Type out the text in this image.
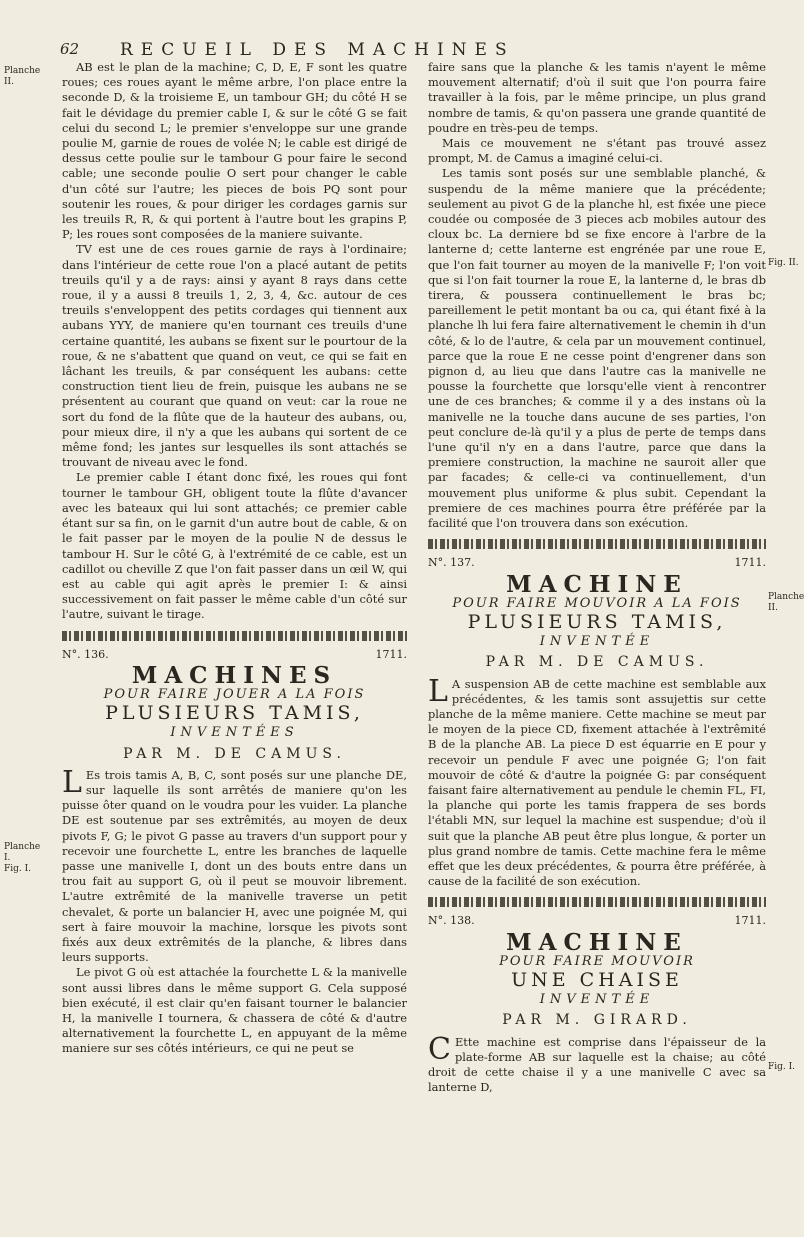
62 RECUEIL DES MACHINES
Planche
II.
Planche
I.
Fig. I.
Fig. II.
Planche
II.
Fig. I.

AB est le plan de la machine; C, D, E, F sont les quatre roues; ces roues ayant le même arbre, l'on place entre la seconde D, & la troisieme E, un tambour GH; du côté H se fait le dévidage du premier cable I, & sur le côté G se fait celui du second L; le premier s'enveloppe sur une grande poulie M, garnie de roues de volée N; le cable est dirigé de dessus cette poulie sur le tambour G pour faire le second cable; une seconde poulie O sert pour changer le cable d'un côté sur l'autre; les pieces de bois PQ sont pour soutenir les roues, & pour diriger les cordages garnis sur les treuils R, R, & qui portent à l'autre bout les grapins P, P; les roues sont composées de la maniere suivante.

TV est une de ces roues garnie de rays à l'ordinaire; dans l'intérieur de cette roue l'on a placé autant de petits treuils qu'il y a de rays: ainsi y ayant 8 rays dans cette roue, il y a aussi 8 treuils 1, 2, 3, 4, &c. autour de ces treuils s'enveloppent des petits cordages qui tiennent aux aubans YYY, de maniere qu'en tournant ces treuils d'une certaine quantité, les aubans se fixent sur le pourtour de la roue, & ne s'abattent que quand on veut, ce qui se fait en lâchant les treuils, & par conséquent les aubans: cette construction tient lieu de frein, puisque les aubans ne se présentent au courant que quand on veut: car la roue ne sort du fond de la flûte que de la hauteur des aubans, ou, pour mieux dire, il n'y a que les aubans qui sortent de ce même fond; les jantes sur lesquelles ils sont attachés se trouvant de niveau avec le fond.

Le premier cable I étant donc fixé, les roues qui font tourner le tambour GH, obligent toute la flûte d'avancer avec les bateaux qui lui sont attachés; ce premier cable étant sur sa fin, on le garnit d'un autre bout de cable, & on le fait passer par le moyen de la poulie N de dessus le tambour H. Sur le côté G, à l'extrémité de ce cable, est un cadillot ou cheville Z que l'on fait passer dans un œil W, qui est au cable qui agit après le premier I: & ainsi successivement on fait passer le même cable d'un côté sur l'autre, suivant le tirage.

N°. 136.	1711.
MACHINES
POUR FAIRE JOUER A LA FOIS
PLUSIEURS TAMIS,
INVENTÉES
PAR M. DE CAMUS.

L Es trois tamis A, B, C, sont posés sur une planche DE, sur laquelle ils sont arrêtés de maniere qu'on les puisse ôter quand on le voudra pour les vuider. La planche DE est soutenue par ses extrêmités, au moyen de deux pivots F, G; le pivot G passe au travers d'un support pour y recevoir une fourchette L, entre les branches de laquelle passe une manivelle I, dont un des bouts entre dans un trou fait au support G, où il peut se mouvoir librement. L'autre extrêmité de la manivelle traverse un petit chevalet, & porte un balancier H, avec une poignée M, qui sert à faire mouvoir la machine, lorsque les pivots sont fixés aux deux extrêmités de la planche, & libres dans leurs supports.

Le pivot G où est attachée la fourchette L & la manivelle sont aussi libres dans le même support G. Cela supposé bien exécuté, il est clair qu'en faisant tourner le balancier H, la manivelle I tournera, & chassera de côté & d'autre alternativement la fourchette L, en appuyant de la même maniere sur ses côtés intérieurs, ce qui ne peut se

faire sans que la planche & les tamis n'ayent le même mouvement alternatif; d'où il suit que l'on pourra faire travailler à la fois, par le même principe, un plus grand nombre de tamis, & qu'on passera une grande quantité de poudre en très-peu de temps.

Mais ce mouvement ne s'étant pas trouvé assez prompt, M. de Camus a imaginé celui-ci.

Les tamis sont posés sur une semblable planché, & suspendu de la même maniere que la précédente; seulement au pivot G de la planche hl, est fixée une piece coudée ou composée de 3 pieces acb mobiles autour des cloux bc. La derniere bd se fixe encore à l'arbre de la lanterne d; cette lanterne est engrénée par une roue E, que l'on fait tourner au moyen de la manivelle F; l'on voit que si l'on fait tourner la roue E, la lanterne d, le bras db tirera, & poussera continuellement le bras bc; pareillement le petit montant ba ou ca, qui étant fixé à la planche lh lui fera faire alternativement le chemin ih d'un côté, & lo de l'autre, & cela par un mouvement continuel, parce que la roue E ne cesse point d'engrener dans son pignon d, au lieu que dans l'autre cas la manivelle ne pousse la fourchette que lorsqu'elle vient à rencontrer une de ces branches; & comme il y a des instans où la manivelle ne la touche dans aucune de ses parties, l'on peut conclure de-là qu'il y a plus de perte de temps dans l'une qu'il n'y en a dans l'autre, parce que dans la premiere construction, la machine ne sauroit aller que par facades; & celle-ci va continuellement, d'un mouvement plus uniforme & plus subit. Cependant la premiere de ces machines pourra être préférée par la facilité que l'on trouvera dans son exécution.

N°. 137.	1711.
MACHINE
POUR FAIRE MOUVOIR A LA FOIS
PLUSIEURS TAMIS,
INVENTÉE
PAR M. DE CAMUS.

L A suspension AB de cette machine est semblable aux précédentes, & les tamis sont assujettis sur cette planche de la même maniere. Cette machine se meut par le moyen de la piece CD, fixement attachée à l'extrêmité B de la planche AB. La piece D est équarrie en E pour y recevoir un pendule F avec une poignée G; l'on fait mouvoir de côté & d'autre la poignée G: par conséquent faisant faire alternativement au pendule le chemin FL, FI, la planche qui porte les tamis frappera de ses bords l'établi MN, sur lequel la machine est suspendue; d'où il suit que la planche AB peut être plus longue, & porter un plus grand nombre de tamis. Cette machine fera le même effet que les deux précédentes, & pourra être préférée, à cause de la facilité de son exécution.

N°. 138.	1711.
MACHINE
POUR FAIRE MOUVOIR
UNE CHAISE
INVENTÉE
PAR M. GIRARD.

C Ette machine est comprise dans l'épaisseur de la plate-forme AB sur laquelle est la chaise; au côté droit de cette chaise il y a une manivelle C avec sa lanterne D,
